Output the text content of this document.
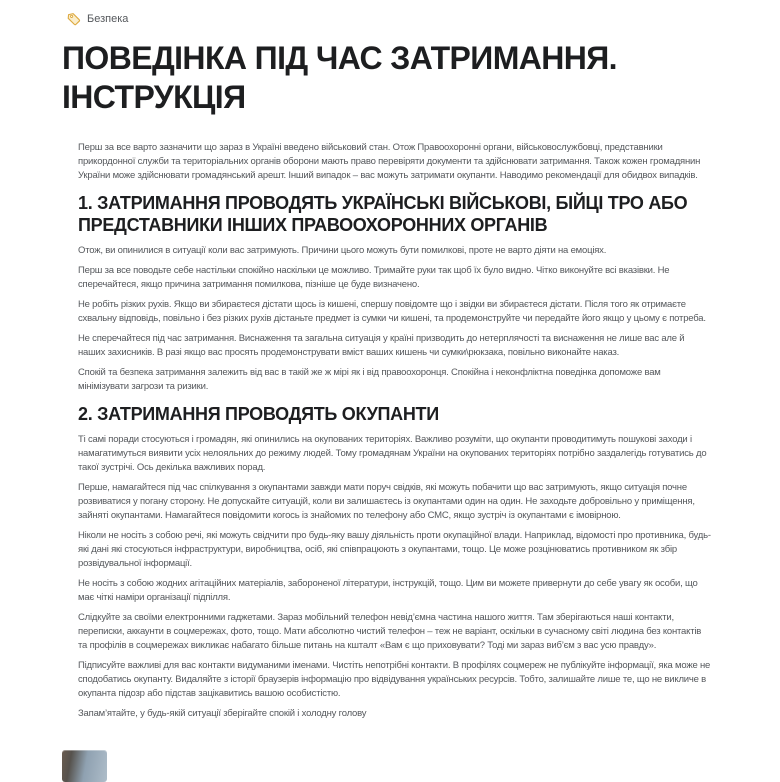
Безпека
ПОВЕДІНКА ПІД ЧАС ЗАТРИМАННЯ. ІНСТРУКЦІЯ

Перш за все варто зазначити що зараз в Україні введено військовий стан. Отож Правоохоронні органи, військовослужбовці, представники прикордонної служби та територіальних органів оборони мають право перевіряти документи та здійснювати затримання. Також кожен громадянин України може здійснювати громадянський арешт. Інший випадок – вас можуть затримати окупанти. Наводимо рекомендації для обидвох випадків.

1. ЗАТРИМАННЯ ПРОВОДЯТЬ УКРАЇНСЬКІ ВІЙСЬКОВІ, БІЙЦІ ТРО АБО ПРЕДСТАВНИКИ ІНШИХ ПРАВООХОРОННИХ ОРГАНІВ

Отож, ви опинилися в ситуації коли вас затримують. Причини цього можуть бути помилкові, проте не варто діяти на емоціях.

Перш за все поводьте себе настільки спокійно наскільки це можливо. Тримайте руки так щоб їх було видно. Чітко виконуйте всі вказівки. Не сперечайтеся, якщо причина затримання помилкова, пізніше це буде визначено.

Не робіть різких рухів. Якщо ви збираєтеся дістати щось із кишені, спершу повідомте що і звідки ви збираєтеся дістати. Після того як отримаєте схвальну відповідь, повільно і без різких рухів дістаньте предмет із сумки чи кишені, та продемонструйте чи передайте його якщо у цьому є потреба.

Не сперечайтеся під час затримання. Виснаження та загальна ситуація у країні призводить до нетерплячості та виснаження не лише вас але й наших захисників. В разі якщо вас просять продемонструвати вміст ваших кишень чи сумки\рюкзака, повільно виконайте наказ.

Спокій та безпека затримання залежить від вас в такій же ж мірі як і від правоохоронця. Спокійна і неконфліктна поведінка допоможе вам мінімізувати загрози та ризики.

2. ЗАТРИМАННЯ ПРОВОДЯТЬ ОКУПАНТИ

Ті самі поради стосуються і громадян, які опинились на окупованих територіях. Важливо розуміти, що окупанти проводитимуть пошукові заходи і намагатимуться виявити усіх нелояльних до режиму людей. Тому громадянам України на окупованих територіях потрібно заздалегідь готуватись до такої зустрічі. Ось декілька важливих порад.

Перше, намагайтеся під час спілкування з окупантами завжди мати поруч свідків, які можуть побачити що вас затримують, якщо ситуація почне розвиватися у погану сторону. Не допускайте ситуацій, коли ви залишаєтесь із окупантами один на один. Не заходьте добровільно у приміщення, зайняті окупантами. Намагайтеся повідомити когось із знайомих по телефону або СМС, якщо зустріч із окупантами є імовірною.

Ніколи не носіть з собою речі, які можуть свідчити про будь-яку вашу діяльність проти окупаційної влади. Наприклад, відомості про противника, будь-які дані які стосуються інфраструктури, виробництва, осіб, які співпрацюють з окупантами, тощо. Це може розцінюватись противником як збір розвідувальної інформації.

Не носіть з собою жодних агітаційних матеріалів, забороненої літератури, інструкцій, тощо. Цим ви можете привернути до себе увагу як особи, що має чіткі наміри організації підпілля.

Слідкуйте за своїми електронними гаджетами. Зараз мобільний телефон невід’ємна частина нашого життя. Там зберігаються наші контакти, переписки, аккаунти в соцмережах, фото, тощо. Мати абсолютно чистий телефон – теж не варіант, оскільки в сучасному світі людина без контактів та профілів в соцмережах викликає набагато більше питань на кшталт «Вам є що приховувати? Тоді ми зараз виб’єм з вас усю правду».

Підписуйте важливі для вас контакти видуманими іменами. Чистіть непотрібні контакти. В профілях соцмереж не публікуйте інформації, яка може не сподобатись окупанту. Видаляйте з історії браузерів інформацію про відвідування українських ресурсів. Тобто, залишайте лише те, що не викличе в окупанта підозр або підстав зацікавитись вашою особистістю.

Запам’ятайте, у будь-якій ситуації зберігайте спокій і холодну голову
